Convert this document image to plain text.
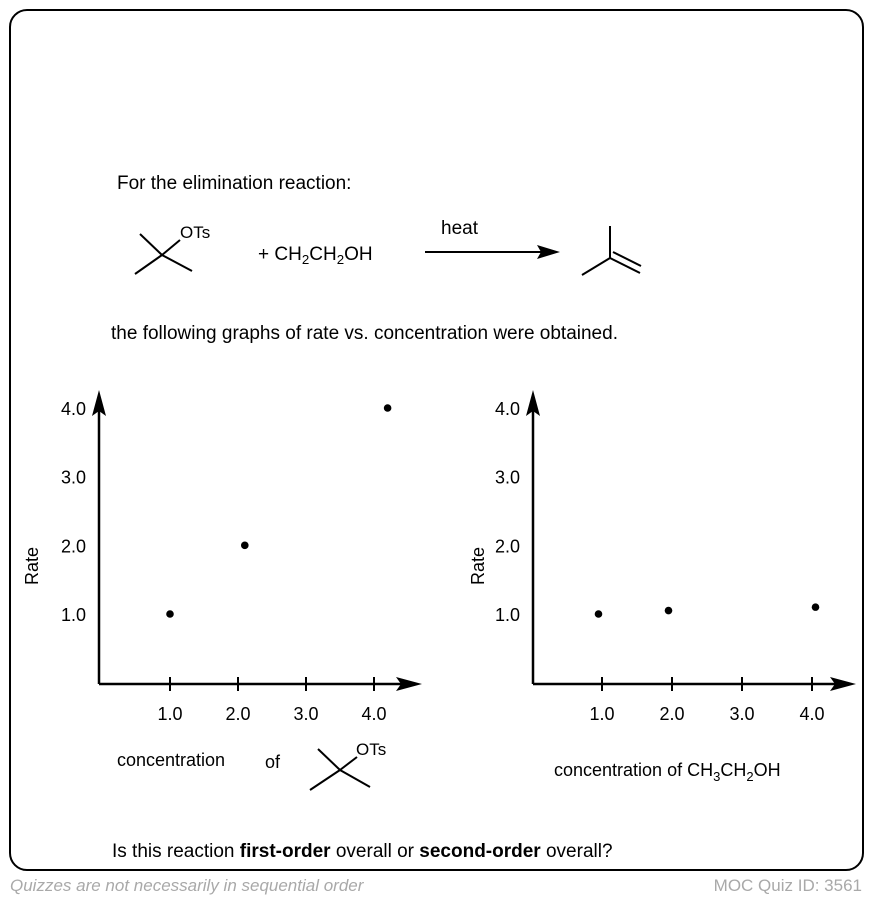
For the elimination reaction:
OTs
+ $CH_2CH_2OH$
heat
the following graphs of rate vs. concentration were obtained.
1.0 2.0 3.0 4.0
1.0
2.0
3.0
4.0
Rate
concentration of
OTs
1.0 2.0 3.0 4.0
1.0
2.0
3.0
4.0
Rate
concentration of $CH_3CH_2OH$
Is this reaction first-order overall or second-order overall?
Quizzes are not necessarily in sequential order	MOC Quiz ID: 3561
